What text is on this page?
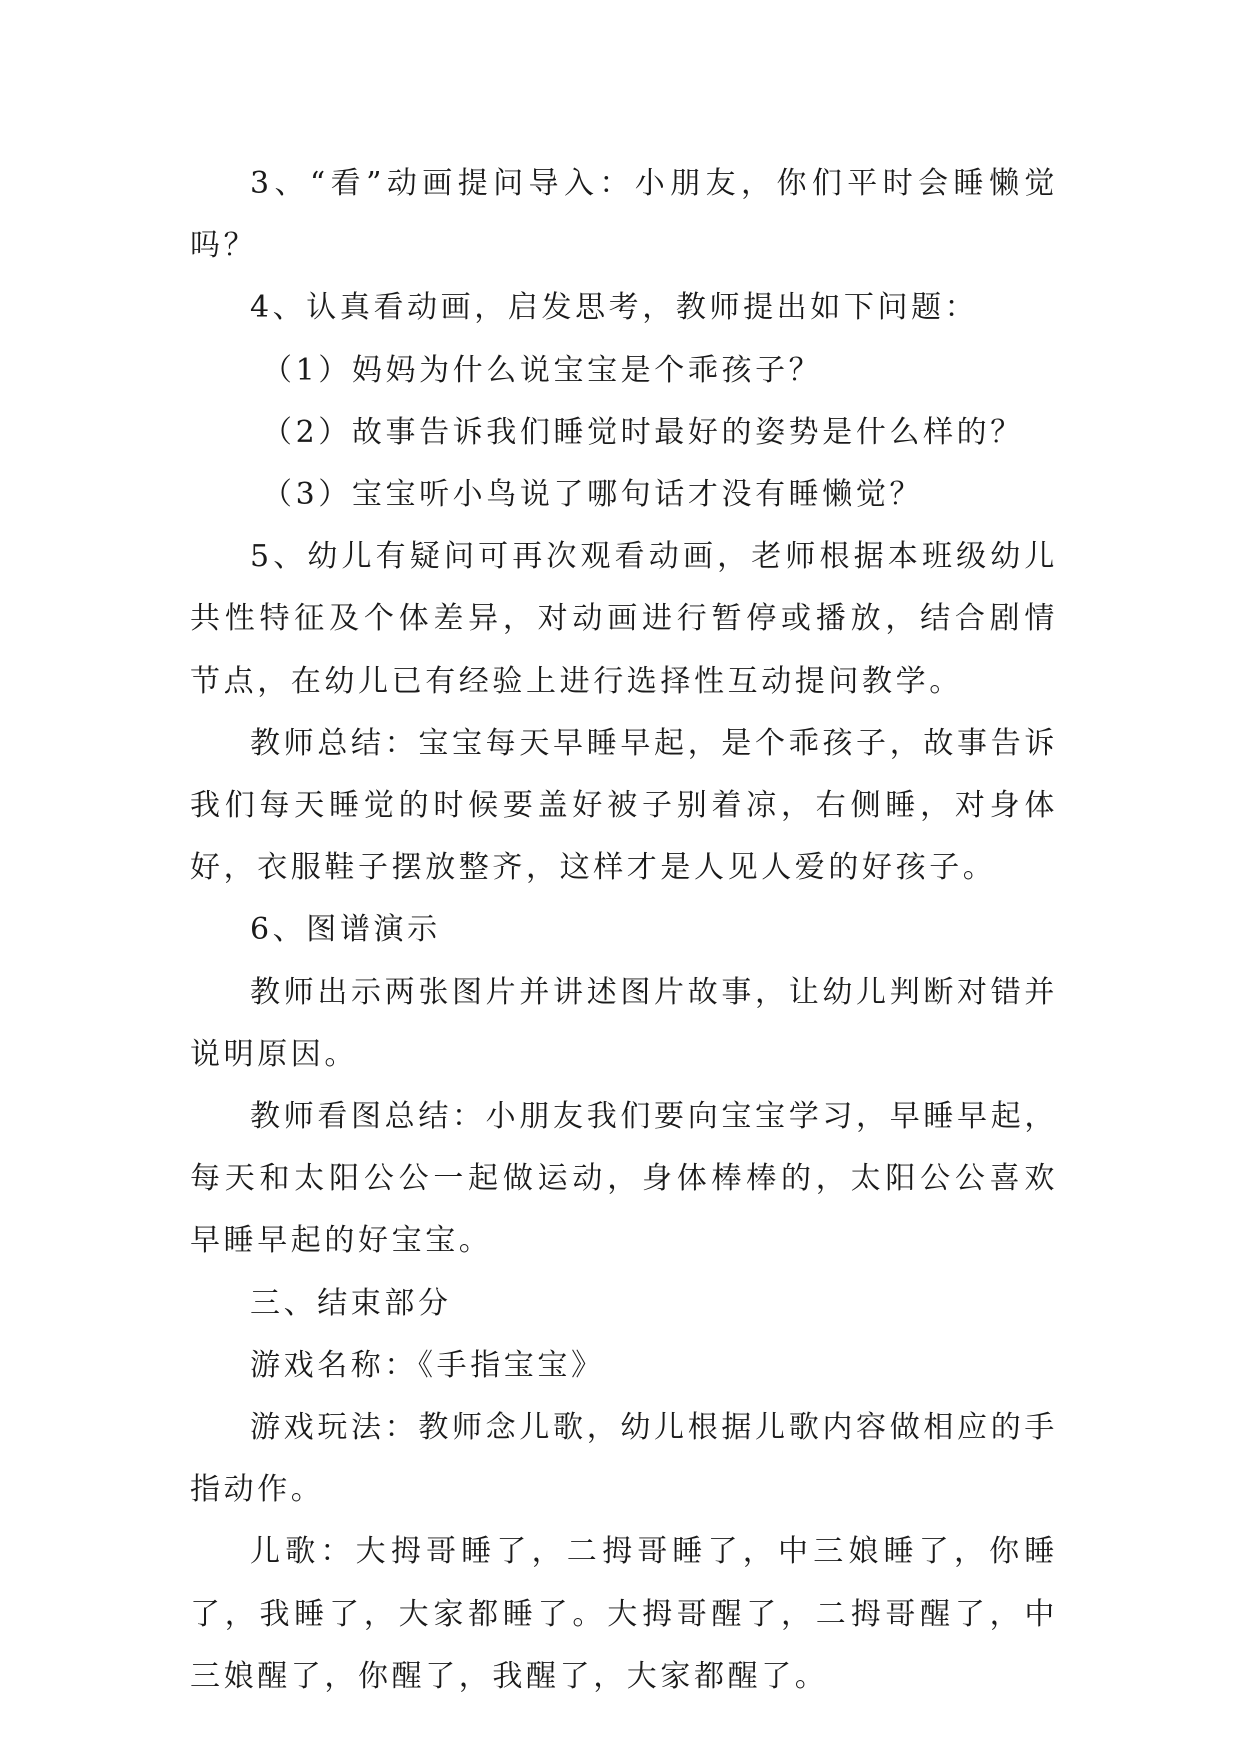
3、“看”动画提问导入：小朋友，你们平时会睡懒觉吗？

4、认真看动画，启发思考，教师提出如下问题：

（1）妈妈为什么说宝宝是个乖孩子？

（2）故事告诉我们睡觉时最好的姿势是什么样的？

（3）宝宝听小鸟说了哪句话才没有睡懒觉？

5、幼儿有疑问可再次观看动画，老师根据本班级幼儿共性特征及个体差异，对动画进行暂停或播放，结合剧情节点，在幼儿已有经验上进行选择性互动提问教学。

教师总结：宝宝每天早睡早起，是个乖孩子，故事告诉我们每天睡觉的时候要盖好被子别着凉，右侧睡，对身体好，衣服鞋子摆放整齐，这样才是人见人爱的好孩子。

6、图谱演示

教师出示两张图片并讲述图片故事，让幼儿判断对错并说明原因。

教师看图总结：小朋友我们要向宝宝学习，早睡早起，每天和太阳公公一起做运动，身体棒棒的，太阳公公喜欢早睡早起的好宝宝。

三、结束部分

游戏名称：《手指宝宝》

游戏玩法：教师念儿歌，幼儿根据儿歌内容做相应的手指动作。

儿歌：大拇哥睡了，二拇哥睡了，中三娘睡了，你睡了，我睡了，大家都睡了。大拇哥醒了，二拇哥醒了，中三娘醒了，你醒了，我醒了，大家都醒了。
